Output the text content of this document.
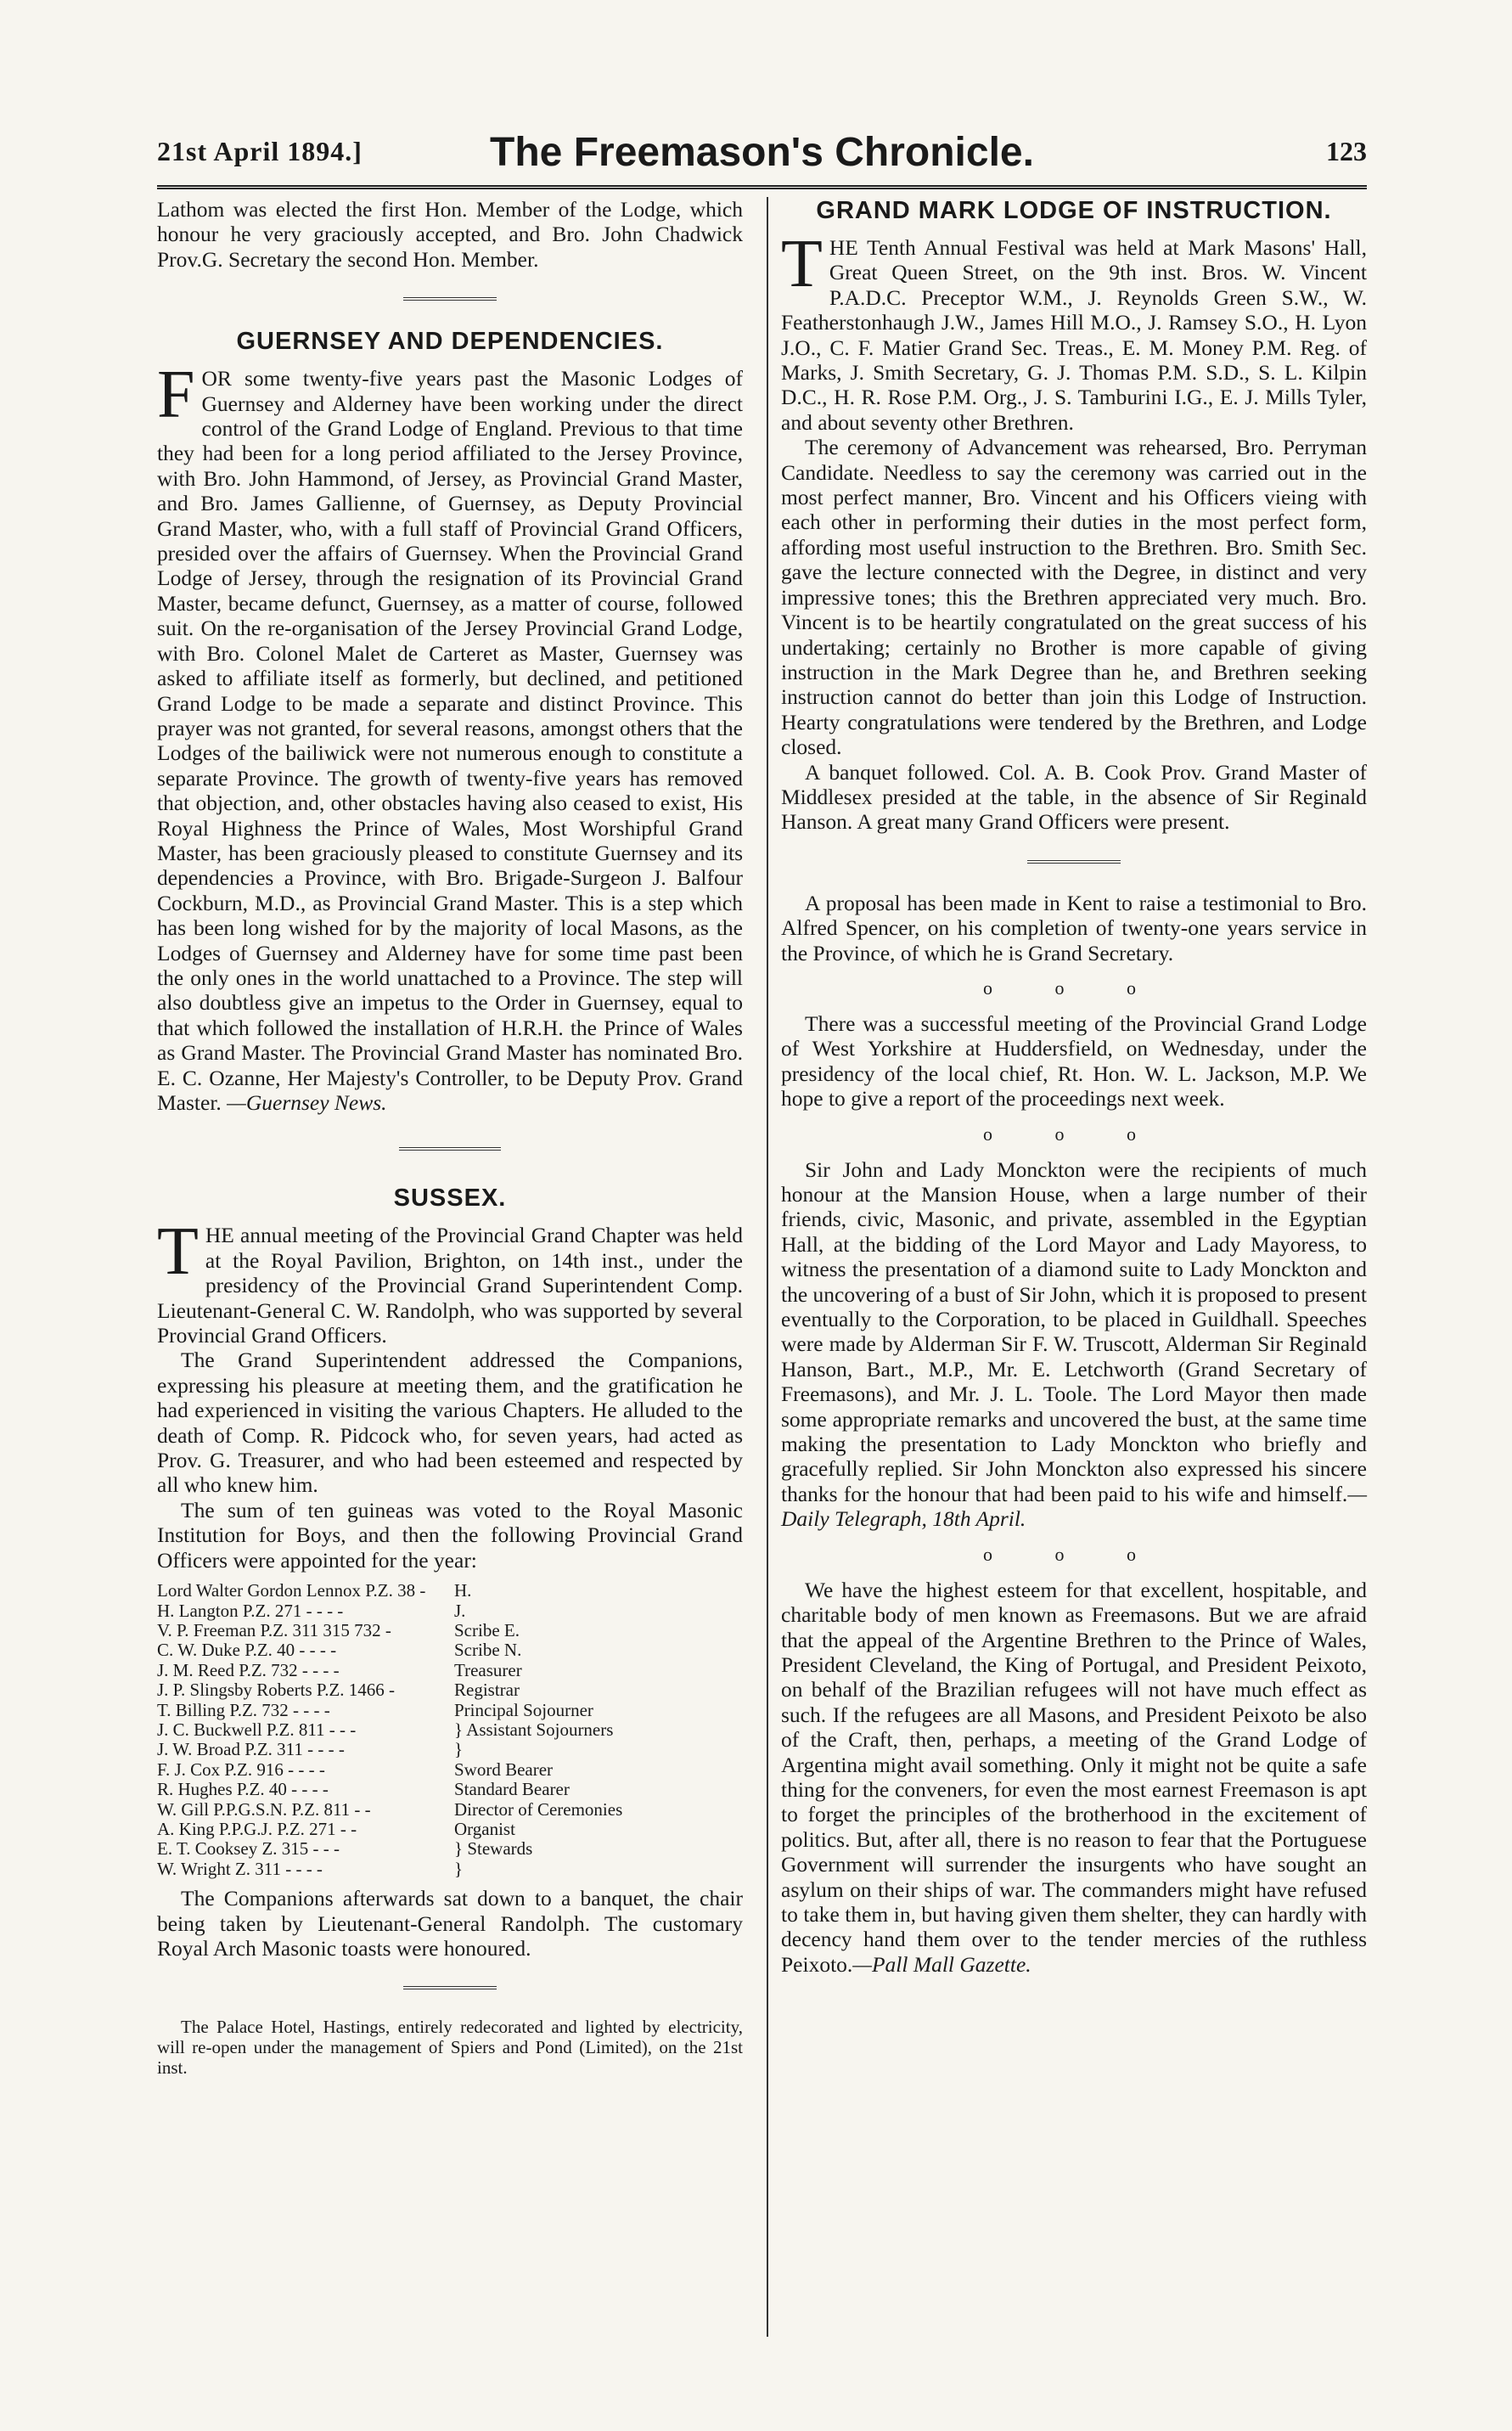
21st April 1894.]	The Freemason's Chronicle.	123

Lathom was elected the first Hon. Member of the Lodge, which honour he very graciously accepted, and Bro. John Chadwick Prov.G. Secretary the second Hon. Member.

GUERNSEY AND DEPENDENCIES.

FOR some twenty-five years past the Masonic Lodges of Guernsey and Alderney have been working under the direct control of the Grand Lodge of England. Previous to that time they had been for a long period affiliated to the Jersey Province, with Bro. John Hammond, of Jersey, as Provincial Grand Master, and Bro. James Gallienne, of Guernsey, as Deputy Provincial Grand Master, who, with a full staff of Provincial Grand Officers, presided over the affairs of Guernsey. When the Provincial Grand Lodge of Jersey, through the resignation of its Provincial Grand Master, became defunct, Guernsey, as a matter of course, followed suit. On the re-organisation of the Jersey Provincial Grand Lodge, with Bro. Colonel Malet de Carteret as Master, Guernsey was asked to affiliate itself as formerly, but declined, and petitioned Grand Lodge to be made a separate and distinct Province. This prayer was not granted, for several reasons, amongst others that the Lodges of the bailiwick were not numerous enough to constitute a separate Province. The growth of twenty-five years has removed that objection, and, other obstacles having also ceased to exist, His Royal Highness the Prince of Wales, Most Worshipful Grand Master, has been graciously pleased to constitute Guernsey and its dependencies a Province, with Bro. Brigade-Surgeon J. Balfour Cockburn, M.D., as Provincial Grand Master. This is a step which has been long wished for by the majority of local Masons, as the Lodges of Guernsey and Alderney have for some time past been the only ones in the world unattached to a Province. The step will also doubtless give an impetus to the Order in Guernsey, equal to that which followed the installation of H.R.H. the Prince of Wales as Grand Master. The Provincial Grand Master has nominated Bro. E. C. Ozanne, Her Majesty's Controller, to be Deputy Prov. Grand Master. —Guernsey News.

SUSSEX.

THE annual meeting of the Provincial Grand Chapter was held at the Royal Pavilion, Brighton, on 14th inst., under the presidency of the Provincial Grand Superintendent Comp. Lieutenant-General C. W. Randolph, who was supported by several Provincial Grand Officers.

The Grand Superintendent addressed the Companions, expressing his pleasure at meeting them, and the gratification he had experienced in visiting the various Chapters. He alluded to the death of Comp. R. Pidcock who, for seven years, had acted as Prov. G. Treasurer, and who had been esteemed and respected by all who knew him.

The sum of ten guineas was voted to the Royal Masonic Institution for Boys, and then the following Provincial Grand Officers were appointed for the year:

Lord Walter Gordon Lennox P.Z. 38 -	H.
H. Langton P.Z. 271 - - - -	J.
V. P. Freeman P.Z. 311 315 732 -	Scribe E.
C. W. Duke P.Z. 40 - - - -	Scribe N.
J. M. Reed P.Z. 732 - - - -	Treasurer
J. P. Slingsby Roberts P.Z. 1466 -	Registrar
T. Billing P.Z. 732 - - - -	Principal Sojourner
J. C. Buckwell P.Z. 811 - - -	} Assistant Sojourners
J. W. Broad P.Z. 311 - - - -	}
F. J. Cox P.Z. 916 - - - -	Sword Bearer
R. Hughes P.Z. 40 - - - -	Standard Bearer
W. Gill P.P.G.S.N. P.Z. 811 - -	Director of Ceremonies
A. King P.P.G.J. P.Z. 271 - -	Organist
E. T. Cooksey Z. 315 - - -	} Stewards
W. Wright Z. 311 - - - -	}

The Companions afterwards sat down to a banquet, the chair being taken by Lieutenant-General Randolph. The customary Royal Arch Masonic toasts were honoured.

The Palace Hotel, Hastings, entirely redecorated and lighted by electricity, will re-open under the management of Spiers and Pond (Limited), on the 21st inst.

GRAND MARK LODGE OF INSTRUCTION.

THE Tenth Annual Festival was held at Mark Masons' Hall, Great Queen Street, on the 9th inst. Bros. W. Vincent P.A.D.C. Preceptor W.M., J. Reynolds Green S.W., W. Featherstonhaugh J.W., James Hill M.O., J. Ramsey S.O., H. Lyon J.O., C. F. Matier Grand Sec. Treas., E. M. Money P.M. Reg. of Marks, J. Smith Secretary, G. J. Thomas P.M. S.D., S. L. Kilpin D.C., H. R. Rose P.M. Org., J. S. Tamburini I.G., E. J. Mills Tyler, and about seventy other Brethren.

The ceremony of Advancement was rehearsed, Bro. Perryman Candidate. Needless to say the ceremony was carried out in the most perfect manner, Bro. Vincent and his Officers vieing with each other in performing their duties in the most perfect form, affording most useful instruction to the Brethren. Bro. Smith Sec. gave the lecture connected with the Degree, in distinct and very impressive tones; this the Brethren appreciated very much. Bro. Vincent is to be heartily congratulated on the great success of his undertaking; certainly no Brother is more capable of giving instruction in the Mark Degree than he, and Brethren seeking instruction cannot do better than join this Lodge of Instruction. Hearty congratulations were tendered by the Brethren, and Lodge closed.

A banquet followed. Col. A. B. Cook Prov. Grand Master of Middlesex presided at the table, in the absence of Sir Reginald Hanson. A great many Grand Officers were present.

A proposal has been made in Kent to raise a testimonial to Bro. Alfred Spencer, on his completion of twenty-one years service in the Province, of which he is Grand Secretary.

o o o

There was a successful meeting of the Provincial Grand Lodge of West Yorkshire at Huddersfield, on Wednesday, under the presidency of the local chief, Rt. Hon. W. L. Jackson, M.P. We hope to give a report of the proceedings next week.

o o o

Sir John and Lady Monckton were the recipients of much honour at the Mansion House, when a large number of their friends, civic, Masonic, and private, assembled in the Egyptian Hall, at the bidding of the Lord Mayor and Lady Mayoress, to witness the presentation of a diamond suite to Lady Monckton and the uncovering of a bust of Sir John, which it is proposed to present eventually to the Corporation, to be placed in Guildhall. Speeches were made by Alderman Sir F. W. Truscott, Alderman Sir Reginald Hanson, Bart., M.P., Mr. E. Letchworth (Grand Secretary of Freemasons), and Mr. J. L. Toole. The Lord Mayor then made some appropriate remarks and uncovered the bust, at the same time making the presentation to Lady Monckton who briefly and gracefully replied. Sir John Monckton also expressed his sincere thanks for the honour that had been paid to his wife and himself.—Daily Telegraph, 18th April.

o o o

We have the highest esteem for that excellent, hospitable, and charitable body of men known as Freemasons. But we are afraid that the appeal of the Argentine Brethren to the Prince of Wales, President Cleveland, the King of Portugal, and President Peixoto, on behalf of the Brazilian refugees will not have much effect as such. If the refugees are all Masons, and President Peixoto be also of the Craft, then, perhaps, a meeting of the Grand Lodge of Argentina might avail something. Only it might not be quite a safe thing for the conveners, for even the most earnest Freemason is apt to forget the principles of the brotherhood in the excitement of politics. But, after all, there is no reason to fear that the Portuguese Government will surrender the insurgents who have sought an asylum on their ships of war. The commanders might have refused to take them in, but having given them shelter, they can hardly with decency hand them over to the tender mercies of the ruthless Peixoto.—Pall Mall Gazette.
